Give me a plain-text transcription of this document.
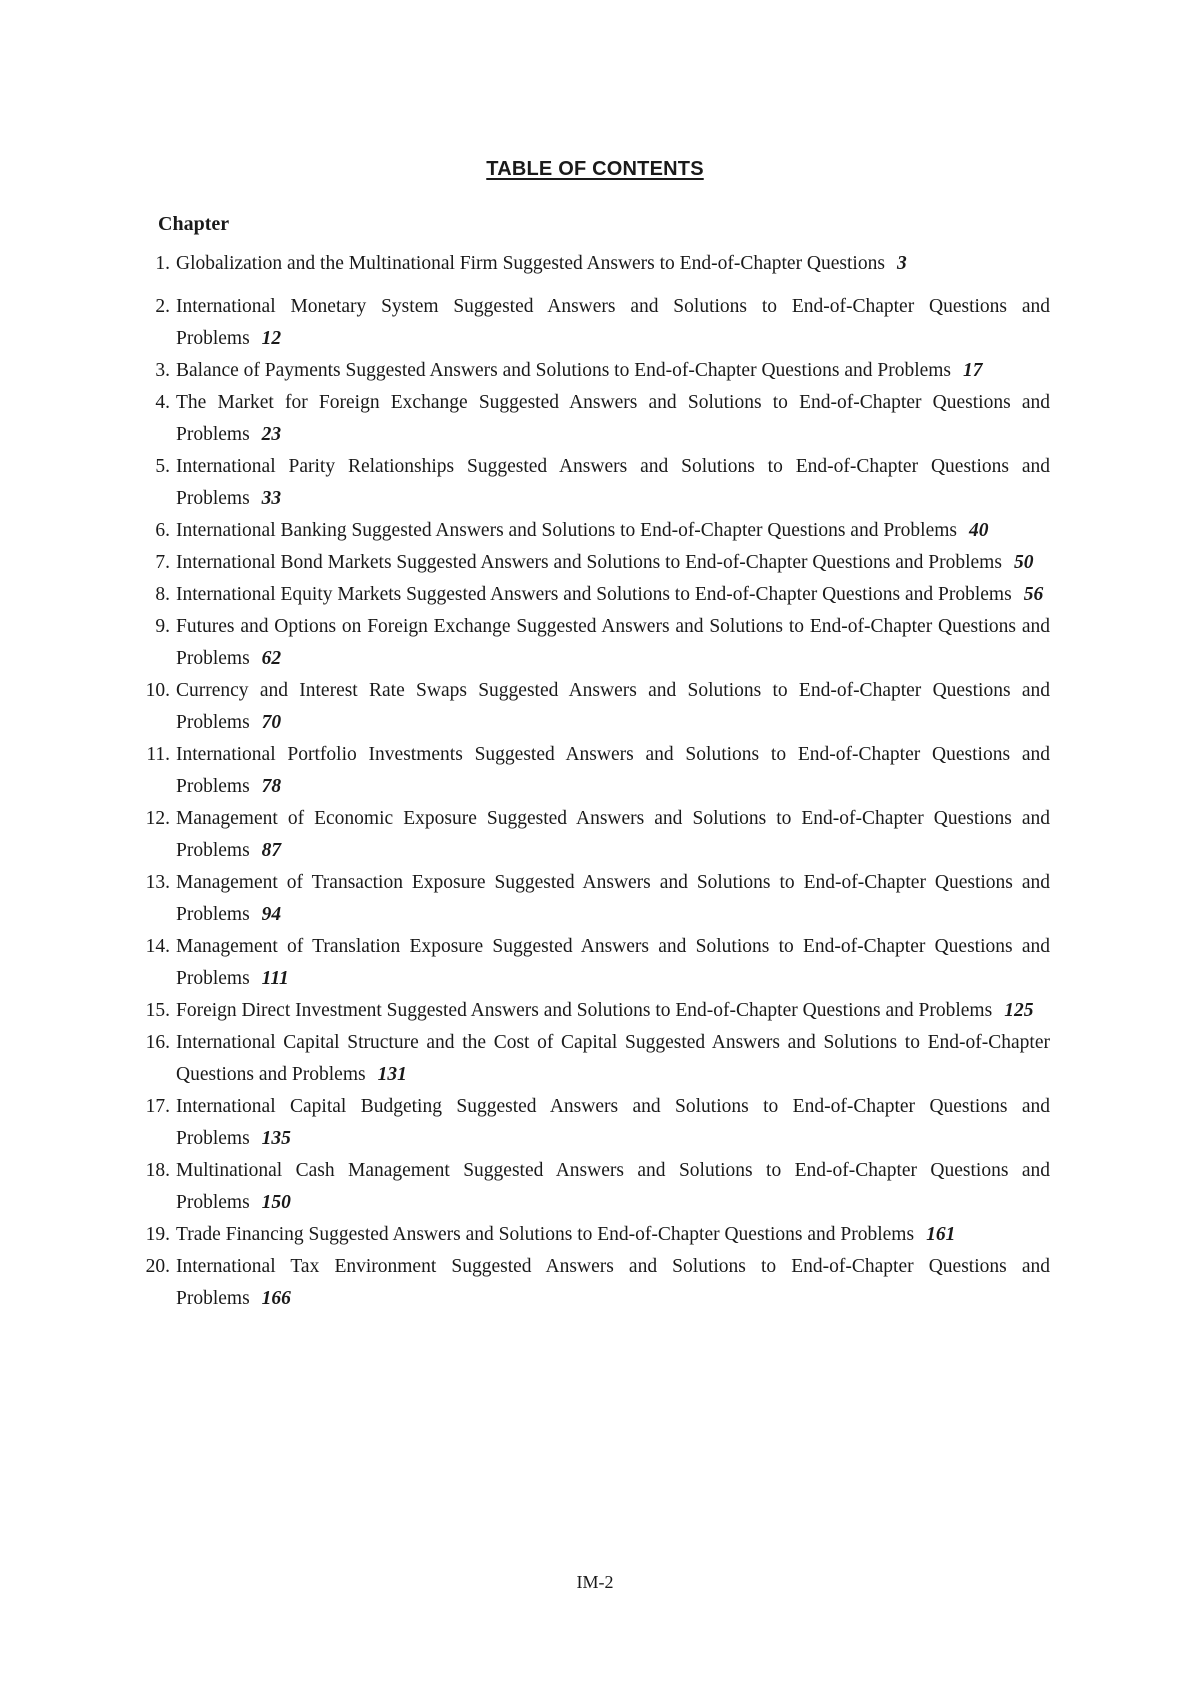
TABLE OF CONTENTS
Chapter
1. Globalization and the Multinational Firm Suggested Answers to End-of-Chapter Questions 3
2. International Monetary System Suggested Answers and Solutions to End-of-Chapter Questions and Problems 12
3. Balance of Payments Suggested Answers and Solutions to End-of-Chapter Questions and Problems 17
4. The Market for Foreign Exchange Suggested Answers and Solutions to End-of-Chapter Questions and Problems 23
5. International Parity Relationships Suggested Answers and Solutions to End-of-Chapter Questions and Problems 33
6. International Banking Suggested Answers and Solutions to End-of-Chapter Questions and Problems 40
7. International Bond Markets Suggested Answers and Solutions to End-of-Chapter Questions and Problems 50
8. International Equity Markets Suggested Answers and Solutions to End-of-Chapter Questions and Problems 56
9. Futures and Options on Foreign Exchange Suggested Answers and Solutions to End-of-Chapter Questions and Problems 62
10. Currency and Interest Rate Swaps Suggested Answers and Solutions to End-of-Chapter Questions and Problems 70
11. International Portfolio Investments Suggested Answers and Solutions to End-of-Chapter Questions and Problems 78
12. Management of Economic Exposure Suggested Answers and Solutions to End-of-Chapter Questions and Problems 87
13. Management of Transaction Exposure Suggested Answers and Solutions to End-of-Chapter Questions and Problems 94
14. Management of Translation Exposure Suggested Answers and Solutions to End-of-Chapter Questions and Problems 111
15. Foreign Direct Investment Suggested Answers and Solutions to End-of-Chapter Questions and Problems 125
16. International Capital Structure and the Cost of Capital Suggested Answers and Solutions to End-of-Chapter Questions and Problems 131
17. International Capital Budgeting Suggested Answers and Solutions to End-of-Chapter Questions and Problems 135
18. Multinational Cash Management Suggested Answers and Solutions to End-of-Chapter Questions and Problems 150
19. Trade Financing Suggested Answers and Solutions to End-of-Chapter Questions and Problems 161
20. International Tax Environment Suggested Answers and Solutions to End-of-Chapter Questions and Problems 166
IM-2
